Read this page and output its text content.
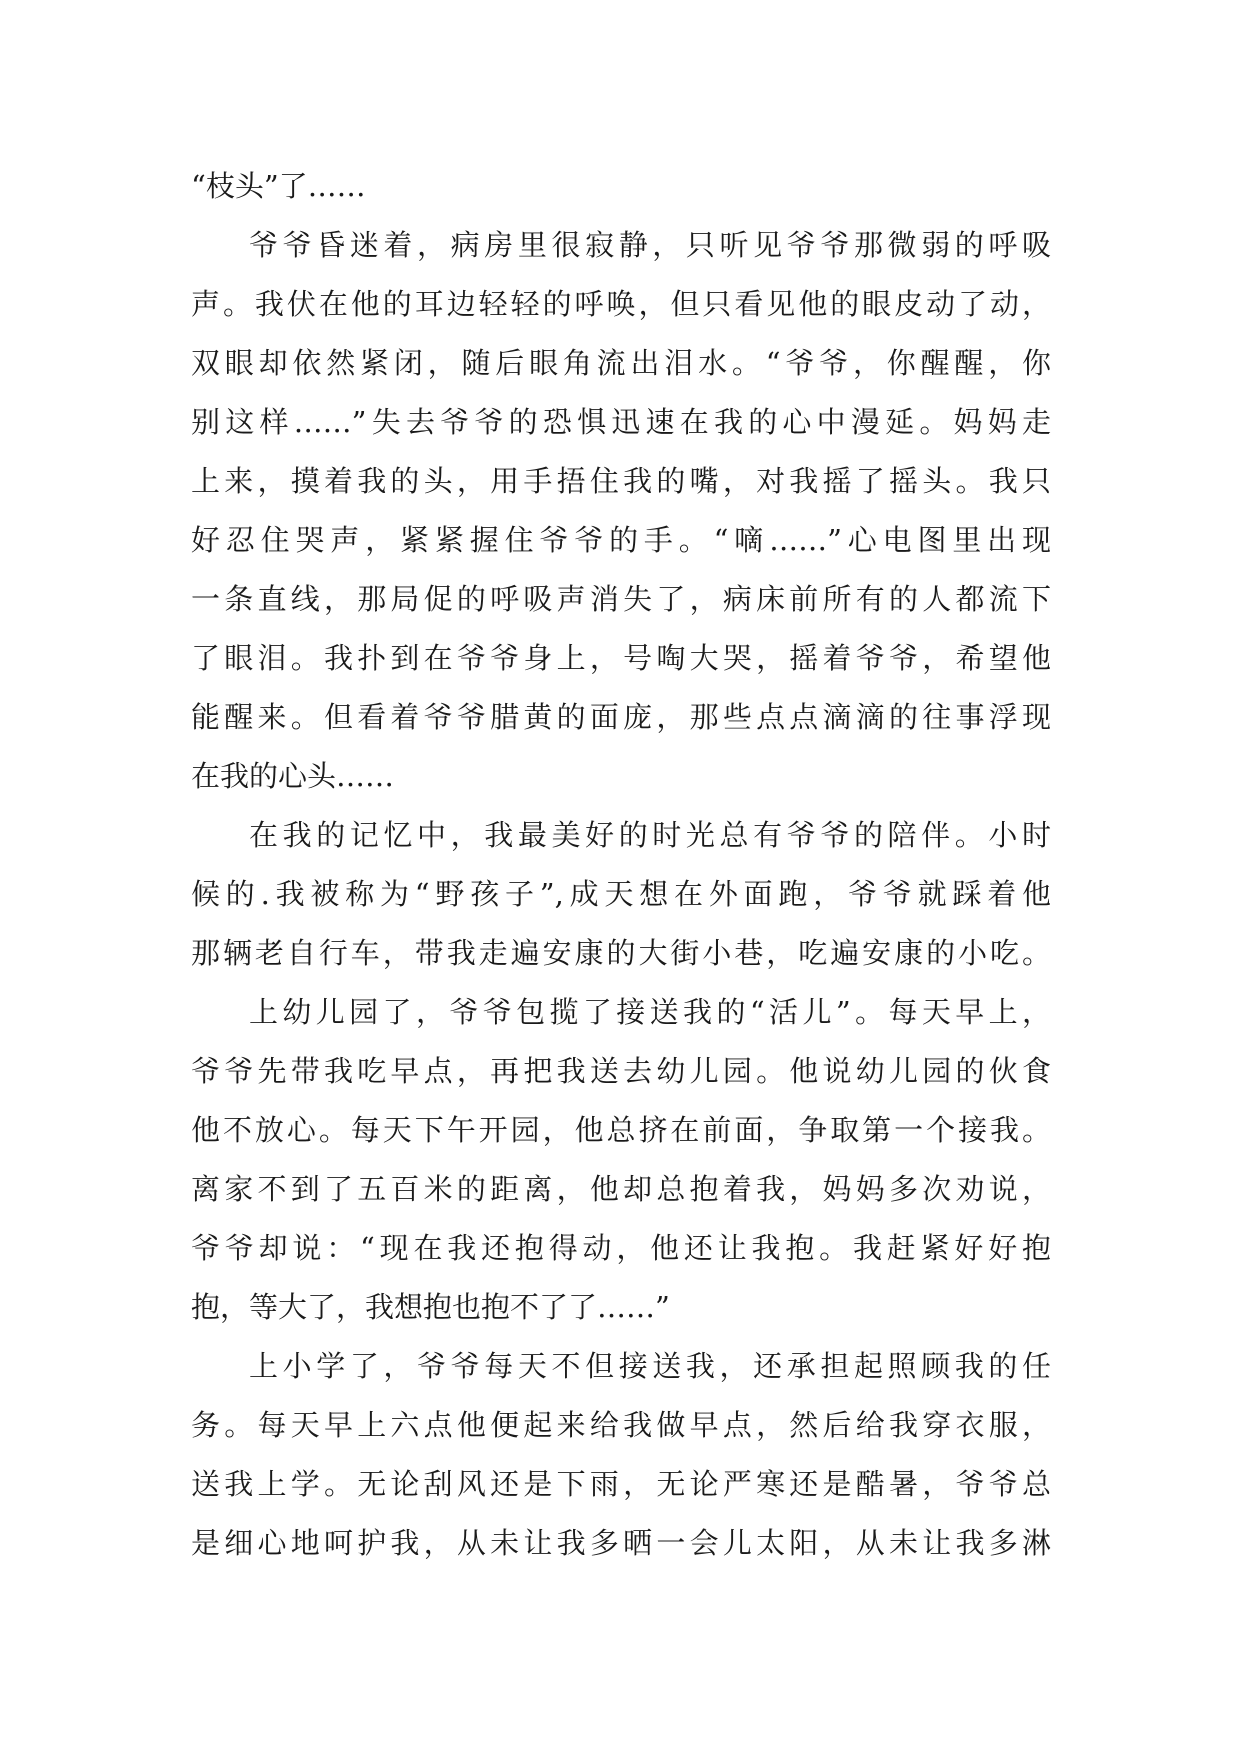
“枝头”了……
爷爷昏迷着，病房里很寂静，只听见爷爷那微弱的呼吸
声。我伏在他的耳边轻轻的呼唤，但只看见他的眼皮动了动，
双眼却依然紧闭，随后眼角流出泪水。“爷爷，你醒醒，你
别这样……”失去爷爷的恐惧迅速在我的心中漫延。妈妈走
上来，摸着我的头，用手捂住我的嘴，对我摇了摇头。我只
好忍住哭声，紧紧握住爷爷的手。“嘀……”心电图里出现
一条直线，那局促的呼吸声消失了，病床前所有的人都流下
了眼泪。我扑到在爷爷身上，号啕大哭，摇着爷爷，希望他
能醒来。但看着爷爷腊黄的面庞，那些点点滴滴的往事浮现
在我的心头……
在我的记忆中，我最美好的时光总有爷爷的陪伴。小时
候的.我被称为“野孩子”,成天想在外面跑，爷爷就踩着他
那辆老自行车，带我走遍安康的大街小巷，吃遍安康的小吃。
上幼儿园了，爷爷包揽了接送我的“活儿”。每天早上，
爷爷先带我吃早点，再把我送去幼儿园。他说幼儿园的伙食
他不放心。每天下午开园，他总挤在前面，争取第一个接我。
离家不到了五百米的距离，他却总抱着我，妈妈多次劝说，
爷爷却说：“现在我还抱得动，他还让我抱。我赶紧好好抱
抱，等大了，我想抱也抱不了了……”
上小学了，爷爷每天不但接送我，还承担起照顾我的任
务。每天早上六点他便起来给我做早点，然后给我穿衣服，
送我上学。无论刮风还是下雨，无论严寒还是酷暑，爷爷总
是细心地呵护我，从未让我多晒一会儿太阳，从未让我多淋
